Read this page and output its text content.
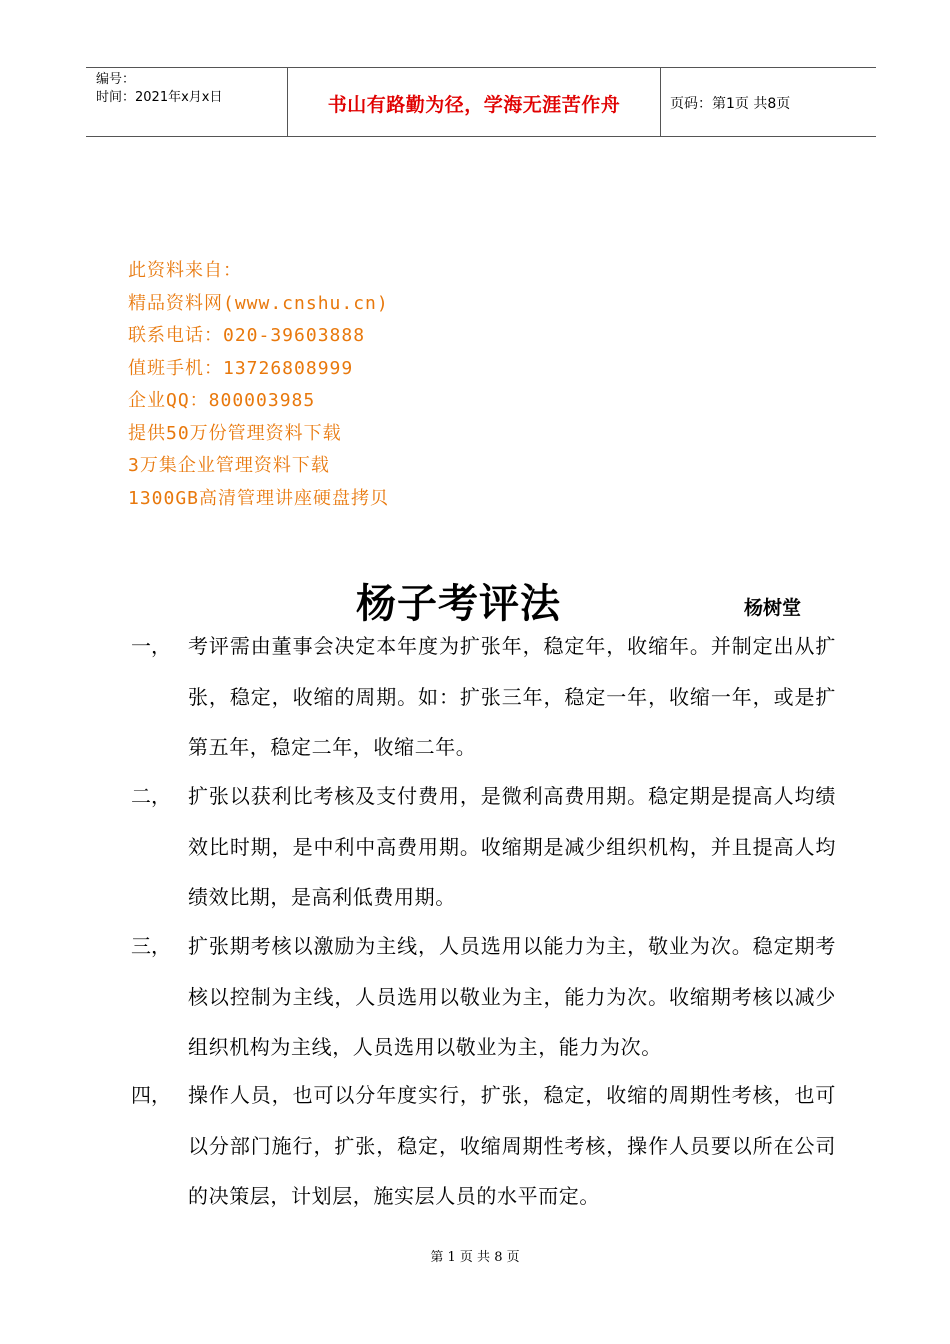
编号：
时间：2021年x月x日	书山有路勤为径，学海无涯苦作舟	页码：第1页 共8页
此资料来自：
精品资料网(www.cnshu.cn)
联系电话：020-39603888
值班手机：13726808999
企业QQ：800003985
提供50万份管理资料下载
3万集企业管理资料下载
1300GB高清管理讲座硬盘拷贝
杨子考评法	杨树堂
一， 考评需由董事会决定本年度为扩张年，稳定年，收缩年。并制定出从扩张，稳定，收缩的周期。如：扩张三年，稳定一年，收缩一年，或是扩第五年，稳定二年，收缩二年。
二， 扩张以获利比考核及支付费用，是微利高费用期。稳定期是提高人均绩效比时期，是中利中高费用期。收缩期是减少组织机构，并且提高人均绩效比期，是高利低费用期。
三， 扩张期考核以激励为主线，人员选用以能力为主，敬业为次。稳定期考核以控制为主线，人员选用以敬业为主，能力为次。收缩期考核以减少组织机构为主线，人员选用以敬业为主，能力为次。
四， 操作人员，也可以分年度实行，扩张，稳定，收缩的周期性考核，也可以分部门施行，扩张，稳定，收缩周期性考核，操作人员要以所在公司的决策层，计划层，施实层人员的水平而定。
第 1 页 共 8 页
